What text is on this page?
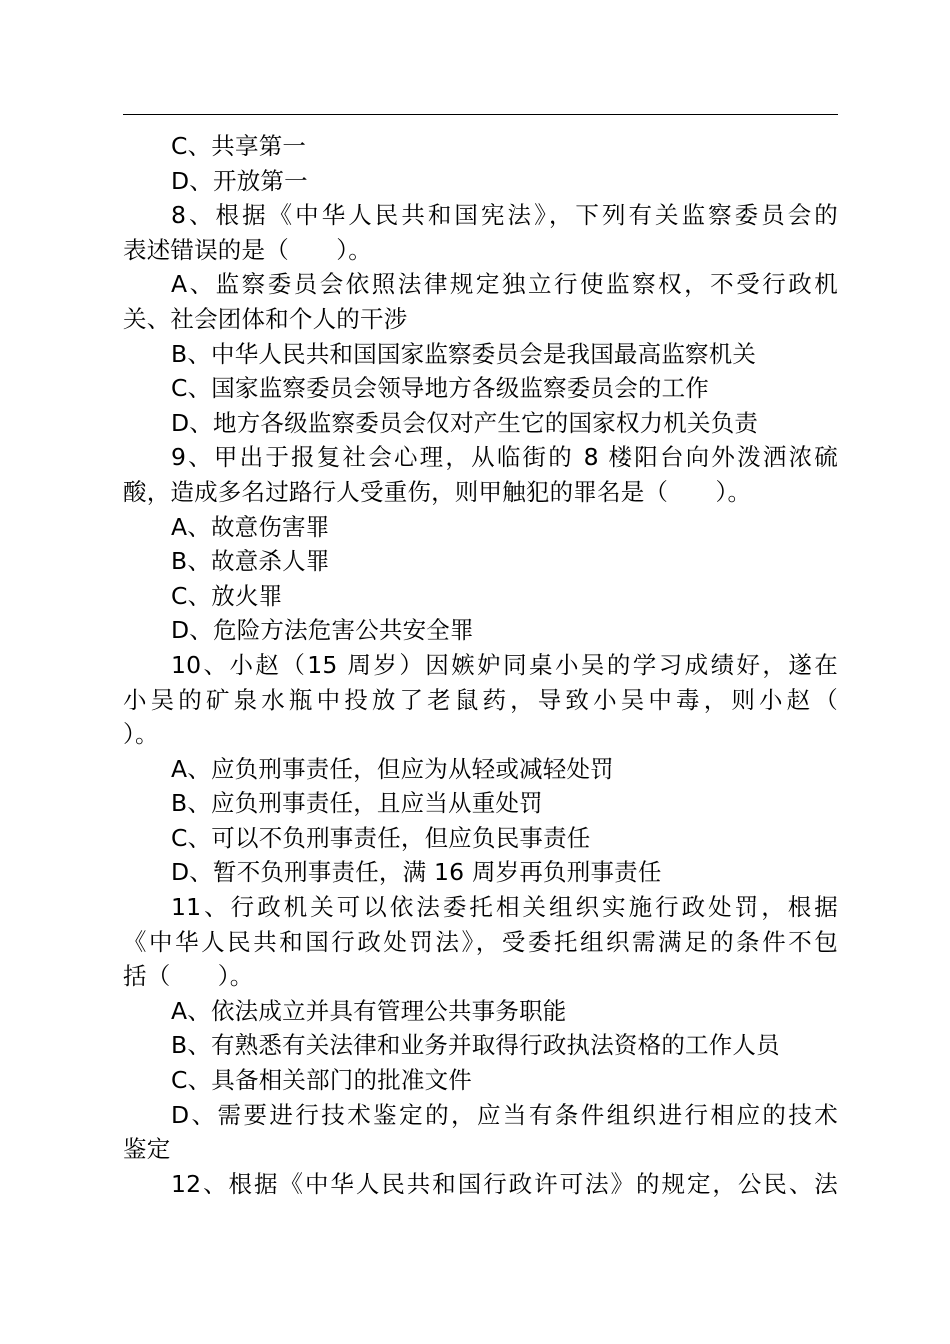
C、共享第一
D、开放第一
8、根据《中华人民共和国宪法》，下列有关监察委员会的
表述错误的是（　　）。
A、监察委员会依照法律规定独立行使监察权，不受行政机
关、社会团体和个人的干涉
B、中华人民共和国国家监察委员会是我国最高监察机关
C、国家监察委员会领导地方各级监察委员会的工作
D、地方各级监察委员会仅对产生它的国家权力机关负责
9、甲出于报复社会心理，从临街的 8 楼阳台向外泼洒浓硫
酸，造成多名过路行人受重伤，则甲触犯的罪名是（　　）。
A、故意伤害罪
B、故意杀人罪
C、放火罪
D、危险方法危害公共安全罪
10、小赵（15 周岁）因嫉妒同桌小吴的学习成绩好，遂在
小吴的矿泉水瓶中投放了老鼠药，导致小吴中毒，则小赵（
）。
A、应负刑事责任，但应为从轻或减轻处罚
B、应负刑事责任，且应当从重处罚
C、可以不负刑事责任，但应负民事责任
D、暂不负刑事责任，满 16 周岁再负刑事责任
11、行政机关可以依法委托相关组织实施行政处罚，根据
《中华人民共和国行政处罚法》，受委托组织需满足的条件不包
括（　　）。
A、依法成立并具有管理公共事务职能
B、有熟悉有关法律和业务并取得行政执法资格的工作人员
C、具备相关部门的批准文件
D、需要进行技术鉴定的，应当有条件组织进行相应的技术
鉴定
12、根据《中华人民共和国行政许可法》的规定，公民、法
